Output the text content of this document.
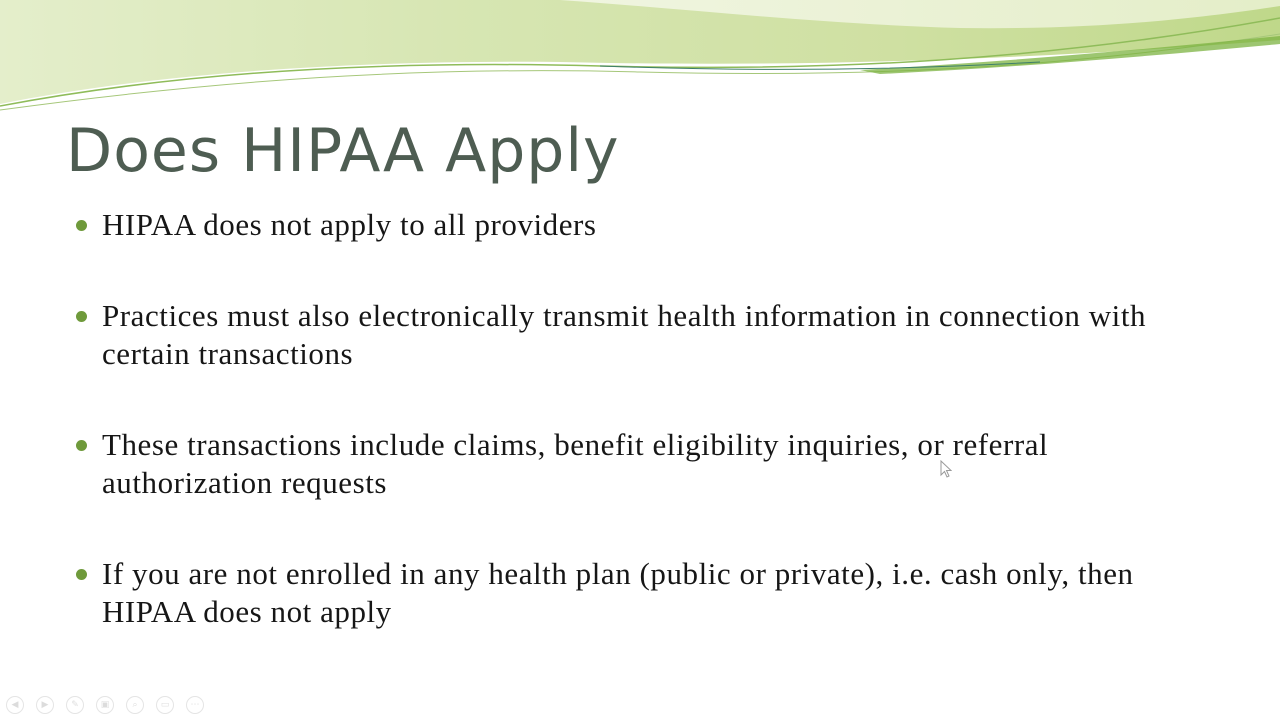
Does HIPAA Apply
HIPAA does not apply to all providers
Practices must also electronically transmit health information in connection with certain transactions
These transactions include claims, benefit eligibility inquiries, or referral authorization requests
If you are not enrolled in any health plan (public or private), i.e. cash only, then HIPAA does not apply
◀	▶	✎	▣	⌕	▭	⋯
